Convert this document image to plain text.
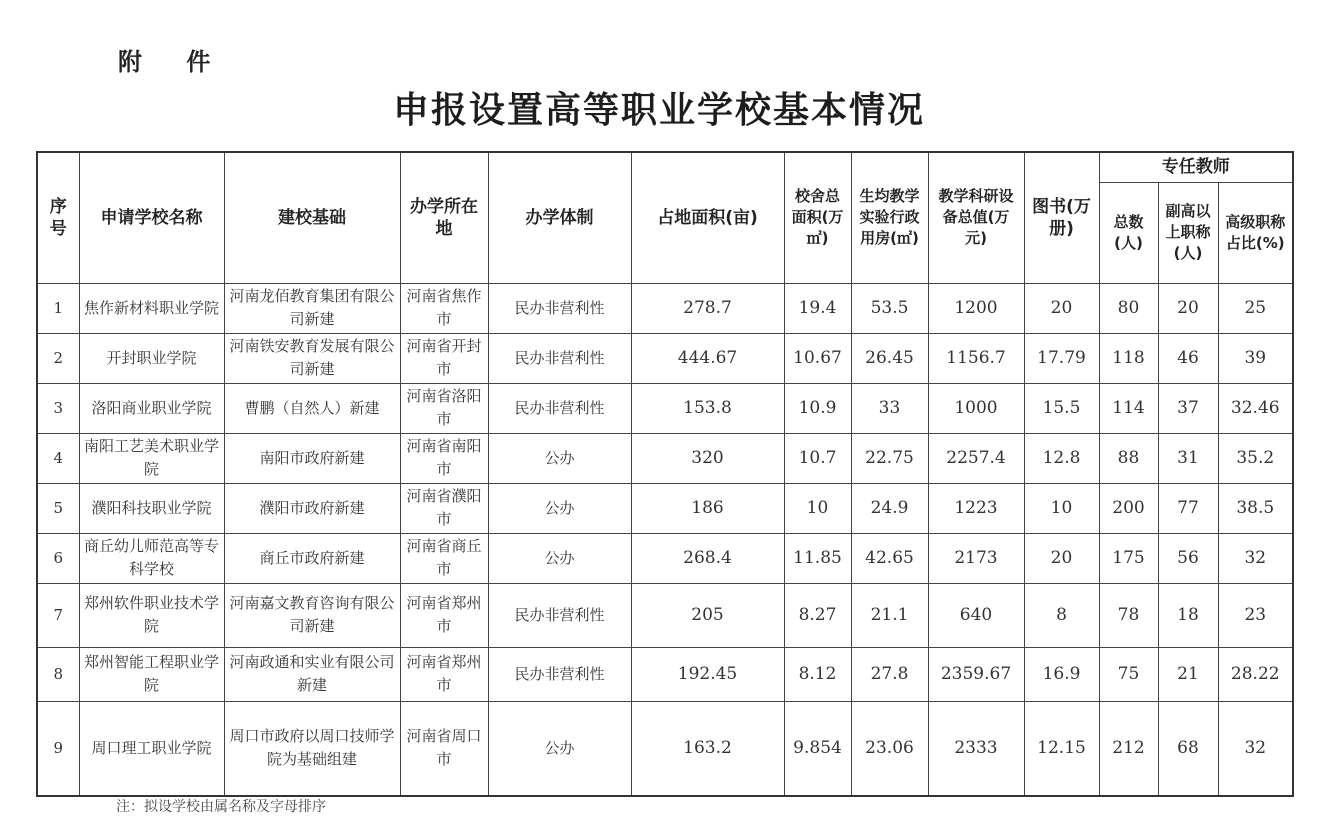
附 件
申报设置高等职业学校基本情况
序号	申请学校名称	建校基础	办学所在地	办学体制	占地面积(亩)	校舍总面积(万㎡)	生均教学实验行政用房(㎡)	教学科研设备总值(万元)	图书(万册)	专任教师		
										总数(人)	副高以上职称(人)	高级职称占比(%)
1	焦作新材料职业学院	河南龙佰教育集团有限公司新建	河南省焦作市	民办非营利性	278.7	19.4	53.5	1200	20	80	20	25
2	开封职业学院	河南铁安教育发展有限公司新建	河南省开封市	民办非营利性	444.67	10.67	26.45	1156.7	17.79	118	46	39
3	洛阳商业职业学院	曹鹏（自然人）新建	河南省洛阳市	民办非营利性	153.8	10.9	33	1000	15.5	114	37	32.46
4	南阳工艺美术职业学院	南阳市政府新建	河南省南阳市	公办	320	10.7	22.75	2257.4	12.8	88	31	35.2
5	濮阳科技职业学院	濮阳市政府新建	河南省濮阳市	公办	186	10	24.9	1223	10	200	77	38.5
6	商丘幼儿师范高等专科学校	商丘市政府新建	河南省商丘市	公办	268.4	11.85	42.65	2173	20	175	56	32
7	郑州软件职业技术学院	河南嘉文教育咨询有限公司新建	河南省郑州市	民办非营利性	205	8.27	21.1	640	8	78	18	23
8	郑州智能工程职业学院	河南政通和实业有限公司新建	河南省郑州市	民办非营利性	192.45	8.12	27.8	2359.67	16.9	75	21	28.22
9	周口理工职业学院	周口市政府以周口技师学院为基础组建	河南省周口市	公办	163.2	9.854	23.06	2333	12.15	212	68	32
注：拟设学校由属名称及字母排序
